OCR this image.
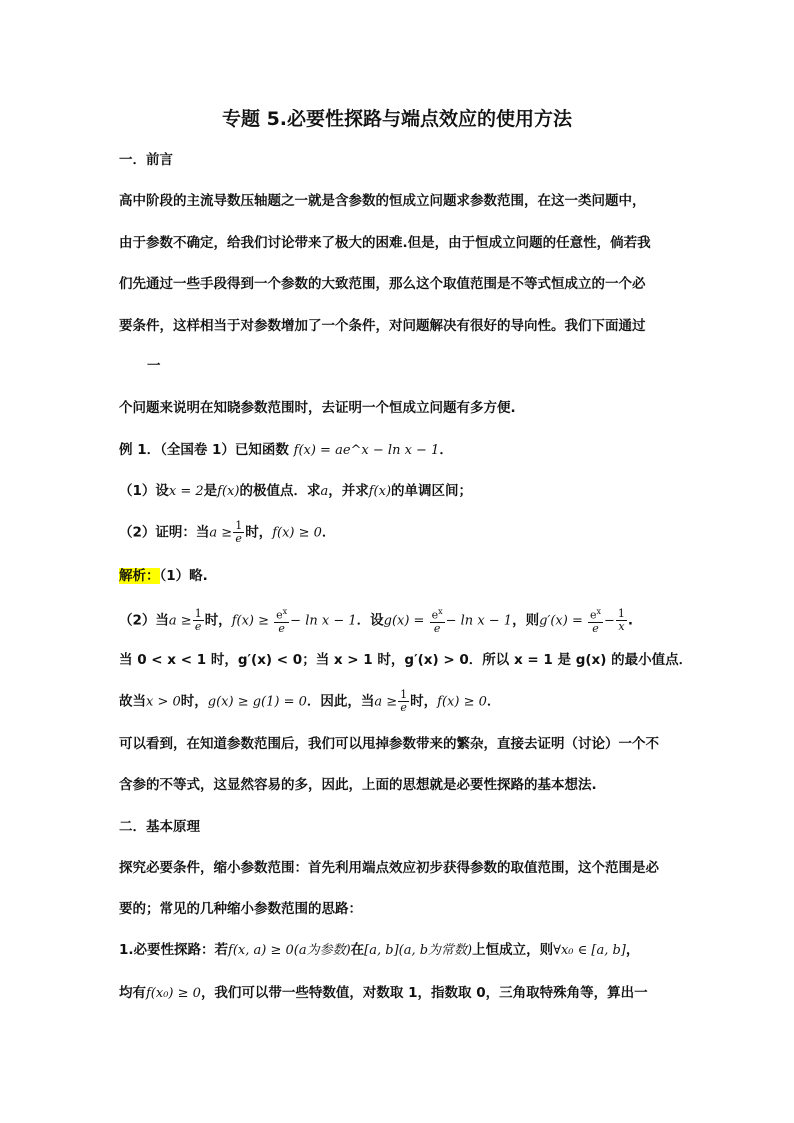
专题 5.必要性探路与端点效应的使用方法
一．前言
高中阶段的主流导数压轴题之一就是含参数的恒成立问题求参数范围，在这一类问题中，
由于参数不确定，给我们讨论带来了极大的困难.但是，由于恒成立问题的任意性，倘若我
们先通过一些手段得到一个参数的大致范围，那么这个取值范围是不等式恒成立的一个必
要条件，这样相当于对参数增加了一个条件，对问题解决有很好的导向性。我们下面通过
一
个问题来说明在知晓参数范围时，去证明一个恒成立问题有多方便.
例 1．（全国卷 1）已知函数 f(x) = ae^x − ln x − 1．
（1）设x = 2是f(x)的极值点．求a，并求f(x)的单调区间；
（2）证明：当$a \ge \frac{1}{e}$ 时，f(x) ≥ 0．
解析：（1）略.
（2）当$a \ge \frac{1}{e}$ 时，$f(x) \ge \frac{e^x}{e} - \ln x - 1$．设$g(x) = \frac{e^x}{e} - \ln x - 1$，则$g'(x) = \frac{e^x}{e} - \frac{1}{x}$ .
当 0 < x < 1 时，g′(x) < 0；当 x > 1 时，g′(x) > 0．所以 x = 1 是 g(x) 的最小值点．
故当x > 0时，g(x) ≥ g(1) = 0．因此，当$a \ge \frac{1}{e}$ 时，f(x) ≥ 0．
可以看到，在知道参数范围后，我们可以甩掉参数带来的繁杂，直接去证明（讨论）一个不
含参的不等式，这显然容易的多，因此，上面的思想就是必要性探路的基本想法.
二．基本原理
探究必要条件，缩小参数范围：首先利用端点效应初步获得参数的取值范围，这个范围是必
要的；常见的几种缩小参数范围的思路：
1.必要性探路：若f(x, a) ≥ 0(a为参数)在[a, b](a, b为常数)上恒成立，则∀x₀ ∈ [a, b]，
均有f(x₀) ≥ 0，我们可以带一些特数值，对数取 1，指数取 0，三角取特殊角等，算出一
